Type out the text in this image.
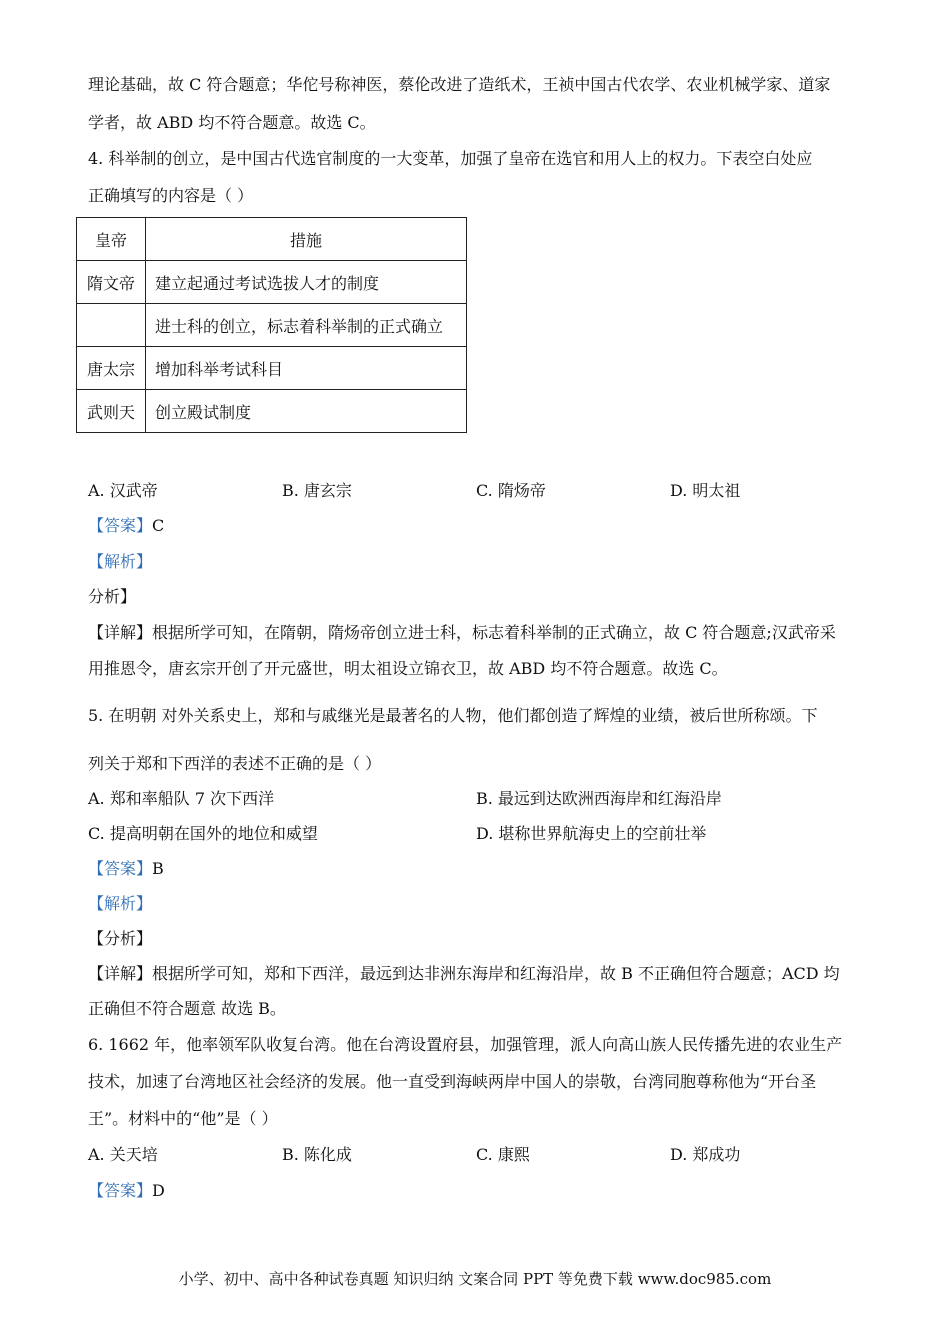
理论基础，故 C 符合题意；华佗号称神医，蔡伦改进了造纸术，王祯中国古代农学、农业机械学家、道家
学者，故 ABD 均不符合题意。故选 C。
4. 科举制的创立，是中国古代选官制度的一大变革，加强了皇帝在选官和用人上的权力。下表空白处应
正确填写的内容是（ ）
皇帝	措施
隋文帝	建立起通过考试选拔人才的制度
	进士科的创立，标志着科举制的正式确立
唐太宗	增加科举考试科目
武则天	创立殿试制度
A. 汉武帝	B. 唐玄宗	C. 隋炀帝	D. 明太祖
【答案】C
【解析】
分析】
【详解】根据所学可知，在隋朝，隋炀帝创立进士科，标志着科举制的正式确立，故 C 符合题意;汉武帝采
用推恩令，唐玄宗开创了开元盛世，明太祖设立锦衣卫，故 ABD 均不符合题意。故选 C。
5. 在明朝 对外关系史上，郑和与戚继光是最著名的人物，他们都创造了辉煌的业绩，被后世所称颂。下
列关于郑和下西洋的表述不正确的是（ ）
A. 郑和率船队 7 次下西洋	B. 最远到达欧洲西海岸和红海沿岸
C. 提高明朝在国外的地位和威望	D. 堪称世界航海史上的空前壮举
【答案】B
【解析】
【分析】
【详解】根据所学可知，郑和下西洋，最远到达非洲东海岸和红海沿岸，故 B 不正确但符合题意；ACD 均
正确但不符合题意 故选 B。
6. 1662 年，他率领军队收复台湾。他在台湾设置府县，加强管理，派人向高山族人民传播先进的农业生产
技术，加速了台湾地区社会经济的发展。他一直受到海峡两岸中国人的崇敬，台湾同胞尊称他为“开台圣
王”。材料中的“他”是（ ）
A. 关天培	B. 陈化成	C. 康熙	D. 郑成功
【答案】D
小学、初中、高中各种试卷真题 知识归纳 文案合同 PPT 等免费下载 www.doc985.com
